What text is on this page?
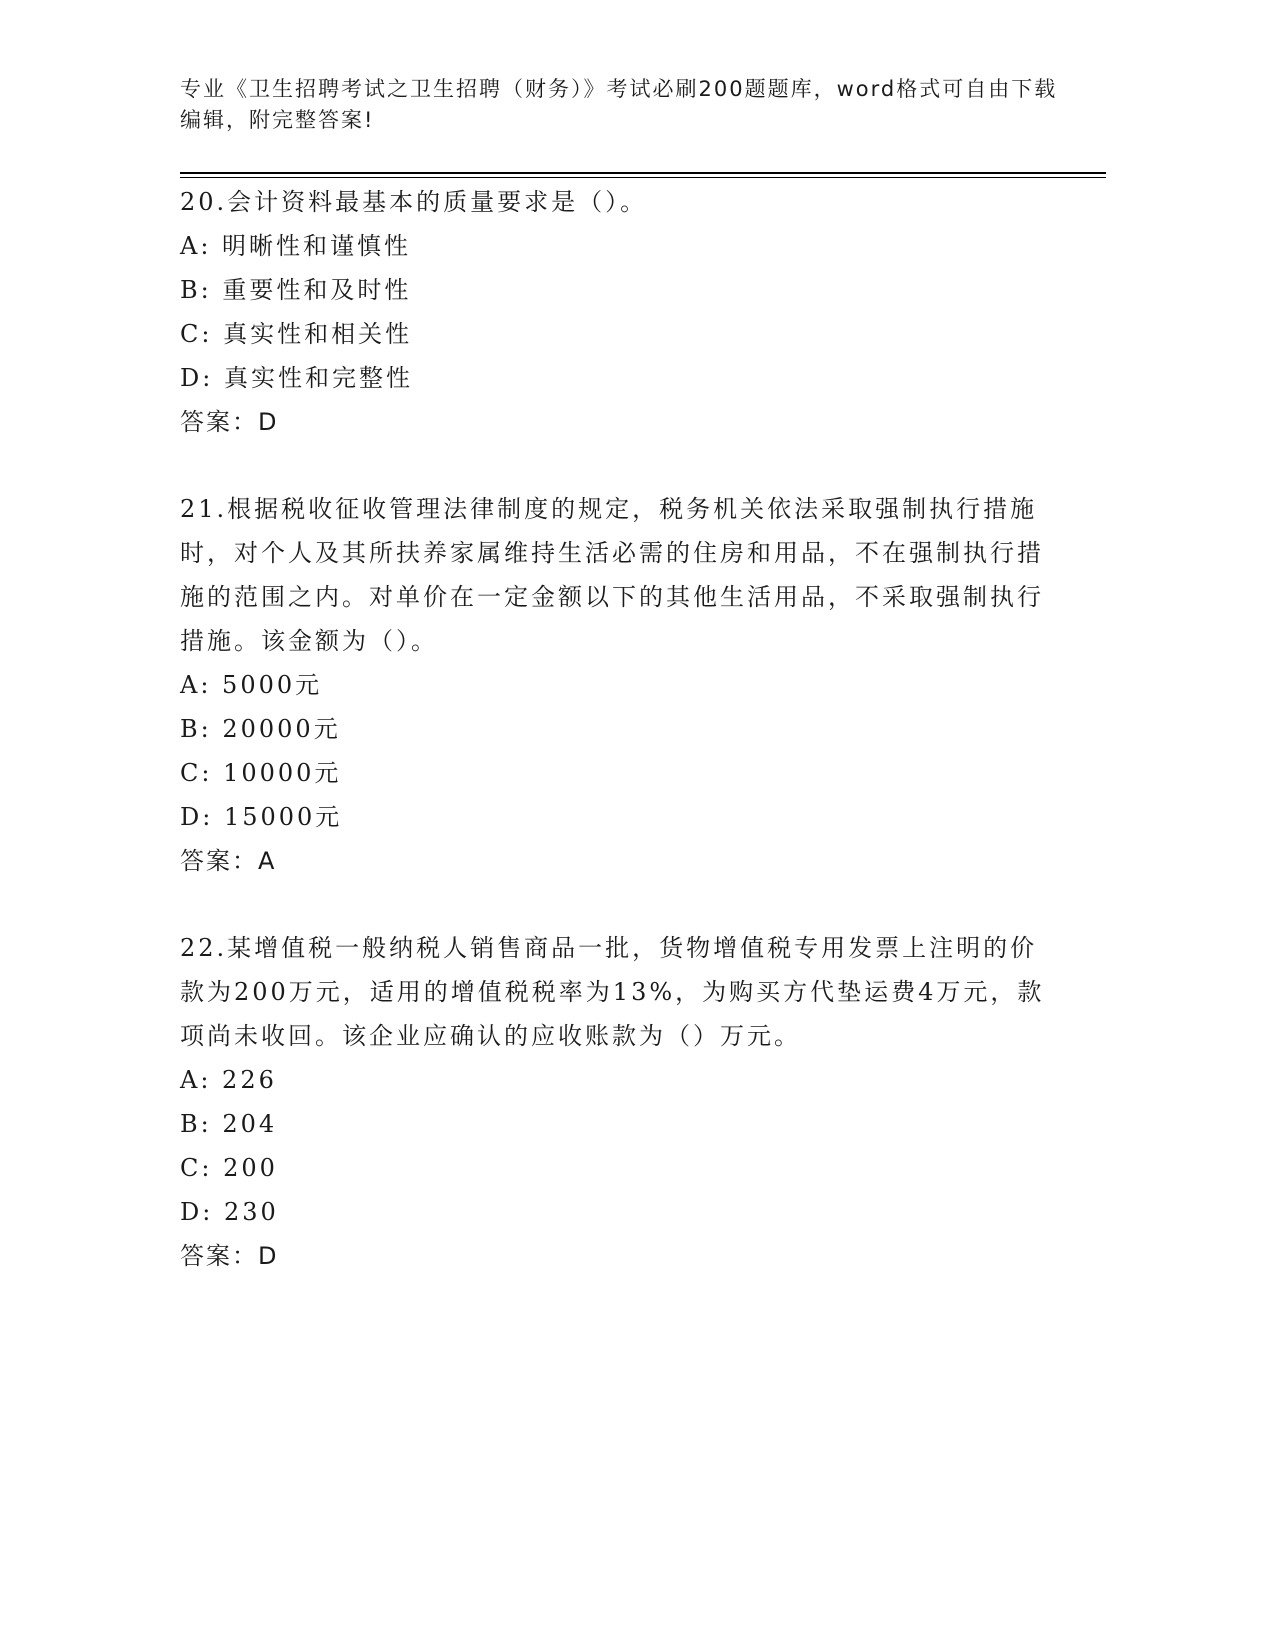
专业《卫生招聘考试之卫生招聘（财务）》考试必刷200题题库，word格式可自由下载编辑，附完整答案!

20.会计资料最基本的质量要求是（）。

A: 明晰性和谨慎性

B: 重要性和及时性

C: 真实性和相关性

D: 真实性和完整性

答案：D

21.根据税收征收管理法律制度的规定，税务机关依法采取强制执行措施时，对个人及其所扶养家属维持生活必需的住房和用品，不在强制执行措施的范围之内。对单价在一定金额以下的其他生活用品，不采取强制执行措施。该金额为（）。

A: 5000元

B: 20000元

C: 10000元

D: 15000元

答案：A

22.某增值税一般纳税人销售商品一批，货物增值税专用发票上注明的价款为200万元，适用的增值税税率为13%，为购买方代垫运费4万元，款项尚未收回。该企业应确认的应收账款为（）万元。

A: 226

B: 204

C: 200

D: 230

答案：D
